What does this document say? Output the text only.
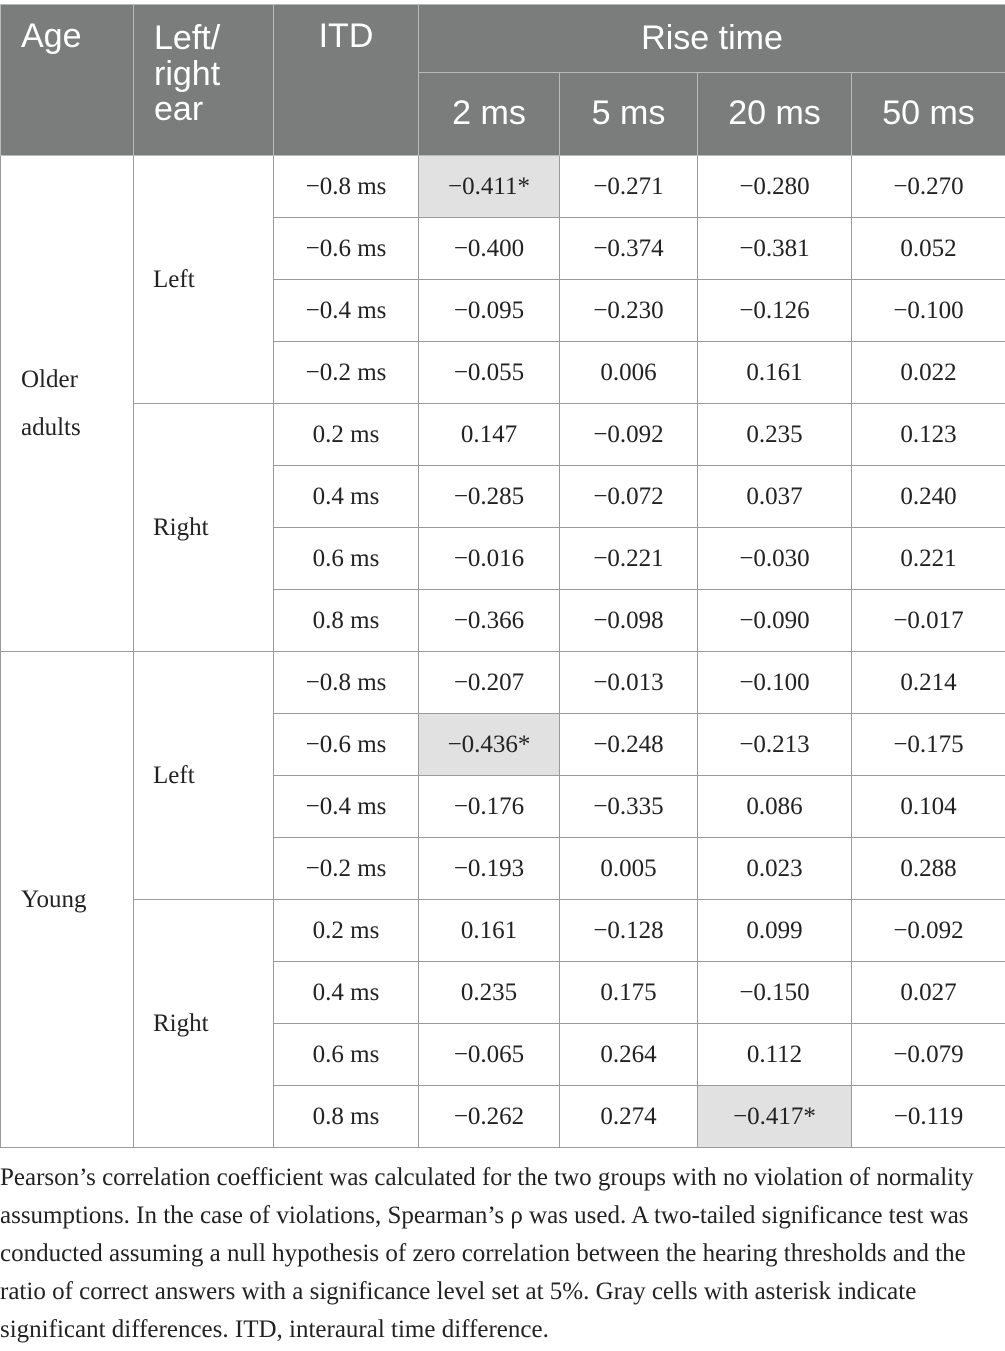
Age	Left/ right ear	ITD	Rise time			
			2 ms	5 ms	20 ms	50 ms
Older adults	Left	−0.8 ms	−0.411*	−0.271	−0.280	−0.270
		−0.6 ms	−0.400	−0.374	−0.381	0.052
		−0.4 ms	−0.095	−0.230	−0.126	−0.100
		−0.2 ms	−0.055	0.006	0.161	0.022
	Right	0.2 ms	0.147	−0.092	0.235	0.123
		0.4 ms	−0.285	−0.072	0.037	0.240
		0.6 ms	−0.016	−0.221	−0.030	0.221
		0.8 ms	−0.366	−0.098	−0.090	−0.017
Young	Left	−0.8 ms	−0.207	−0.013	−0.100	0.214
		−0.6 ms	−0.436*	−0.248	−0.213	−0.175
		−0.4 ms	−0.176	−0.335	0.086	0.104
		−0.2 ms	−0.193	0.005	0.023	0.288
	Right	0.2 ms	0.161	−0.128	0.099	−0.092
		0.4 ms	0.235	0.175	−0.150	0.027
		0.6 ms	−0.065	0.264	0.112	−0.079
		0.8 ms	−0.262	0.274	−0.417*	−0.119

Pearson’s correlation coefficient was calculated for the two groups with no violation of normality assumptions. In the case of violations, Spearman’s ρ was used. A two-tailed significance test was conducted assuming a null hypothesis of zero correlation between the hearing thresholds and the ratio of correct answers with a significance level set at 5%. Gray cells with asterisk indicate significant differences. ITD, interaural time difference.
